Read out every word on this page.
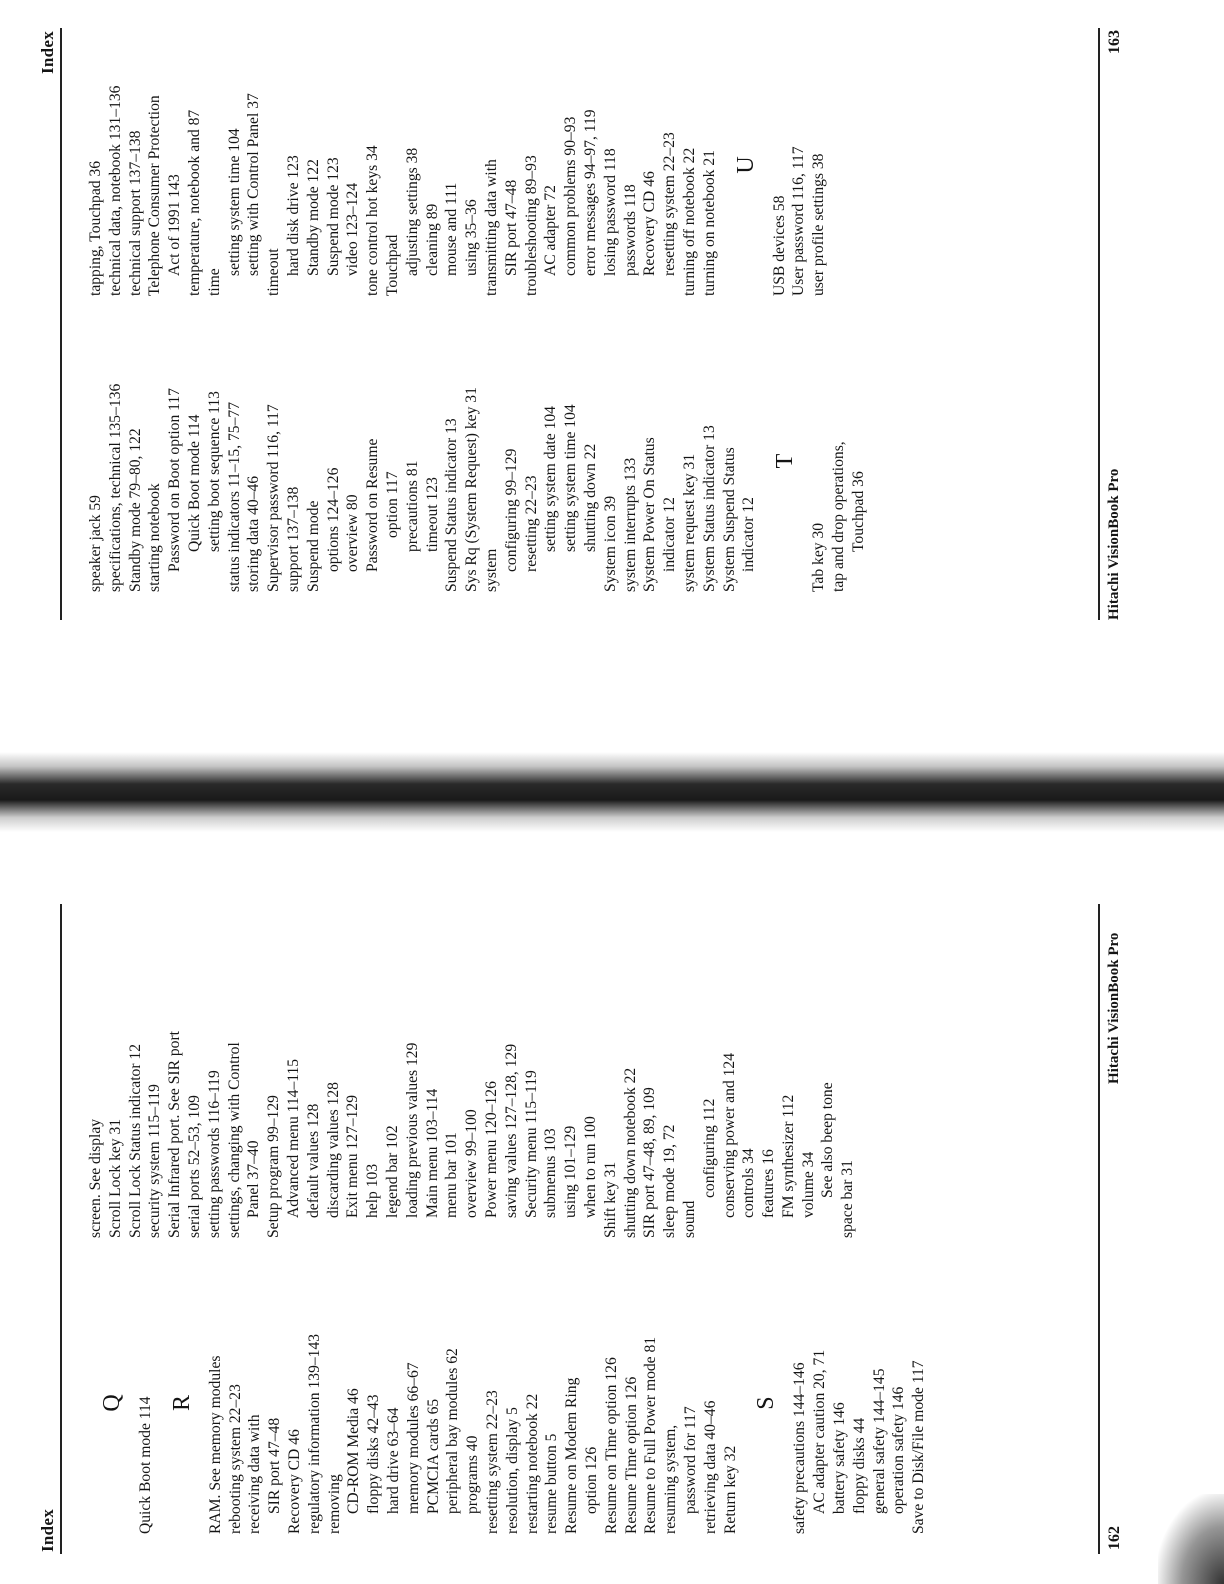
Index
Q Quick Boot mode 114 R RAM. See memory modules rebooting system 22–23 receiving data with SIR port 47–48 Recovery CD 46 regulatory information 139–143 removing CD-ROM Media 46 floppy disks 42–43 hard drive 63–64 memory modules 66–67 PCMCIA cards 65 peripheral bay modules 62 programs 40 resetting system 22–23 resolution, display 5 restarting notebook 22 resume button 5 Resume on Modem Ring option 126 Resume on Time option 126 Resume Time option 126 Resume to Full Power mode 81 resuming system, password for 117 retrieving data 40–46 Return key 32
S safety precautions 144–146 AC adapter caution 20, 71 battery safety 146 floppy disks 44 general safety 144–145 operation safety 146 Save to Disk/File mode 117
screen. See display Scroll Lock key 31 Scroll Lock Status indicator 12 security system 115–119 Serial Infrared port. See SIR port serial ports 52–53, 109 setting passwords 116–119 settings, changing with Control Panel 37–40 Setup program 99–129 Advanced menu 114–115 default values 128 discarding values 128 Exit menu 127–129 help 103 legend bar 102 loading previous values 129 Main menu 103–114 menu bar 101 overview 99–100 Power menu 120–126 saving values 127–128, 129 Security menu 115–119 submenus 103 using 101–129 when to run 100 Shift key 31 shutting down notebook 22 SIR port 47–48, 89, 109 sleep mode 19, 72 sound
configuring 112 conserving power and 124 controls 34 features 16 FM synthesizer 112 volume 34 See also beep tone
space bar 31
162
Hitachi VisionBook Pro
Index
speaker jack 59 specifications, technical 135–136 Standby mode 79–80, 122 starting notebook Password on Boot option 117 Quick Boot mode 114 setting boot sequence 113 status indicators 11–15, 75–77 storing data 40–46 Supervisor password 116, 117 support 137–138 Suspend mode options 124–126 overview 80 Password on Resume option 117 precautions 81 timeout 123 Suspend Status indicator 13 Sys Rq (System Request) key 31 system configuring 99–129 resetting 22–23 setting system date 104 setting system time 104 shutting down 22 System icon 39 system interrupts 133 System Power On Status indicator 12 system request key 31 System Status indicator 13 System Suspend Status indicator 12
T
Tab key 30 tap and drop operations, Touchpad 36
tapping, Touchpad 36 technical data, notebook 131–136 technical support 137–138 Telephone Consumer Protection Act of 1991 143 temperature, notebook and 87 time
setting system time 104 setting with Control Panel 37 timeout hard disk drive 123 Standby mode 122 Suspend mode 123 video 123–124 tone control hot keys 34 Touchpad adjusting settings 38 cleaning 89 mouse and 111 using 35–36 transmitting data with SIR port 47–48 troubleshooting 89–93 AC adapter 72 common problems 90–93 error messages 94–97, 119 losing password 118 passwords 118 Recovery CD 46 resetting system 22–23 turning off notebook 22 turning on notebook 21 U
USB devices 58 User password 116, 117 user profile settings 38
Hitachi VisionBook Pro
163
